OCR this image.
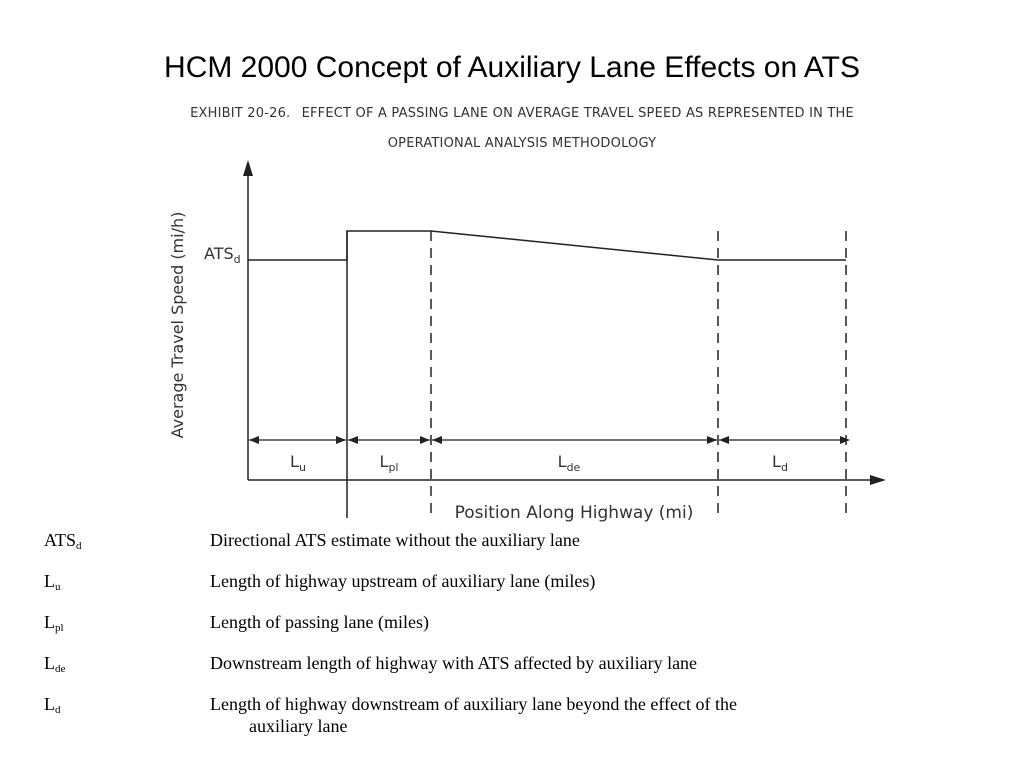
HCM 2000 Concept of Auxiliary Lane Effects on ATS
EXHIBIT 20-26. EFFECT OF A PASSING LANE ON AVERAGE TRAVEL SPEED AS REPRESENTED IN THE
OPERATIONAL ANALYSIS METHODOLOGY
Average Travel Speed (mi/h) $ATS_d$
$L_u$	$L_{pl}$	$L_{de}$	$L_d$
Position Along Highway (mi)
$ATS_d$	Directional ATS estimate without the auxiliary lane
$L_u$	Length of highway upstream of auxiliary lane (miles)
$L_{pl}$	Length of passing lane (miles)
$L_{de}$	Downstream length of highway with ATS affected by auxiliary lane
$L_d$	Length of highway downstream of auxiliary lane beyond the effect of the
auxiliary lane
